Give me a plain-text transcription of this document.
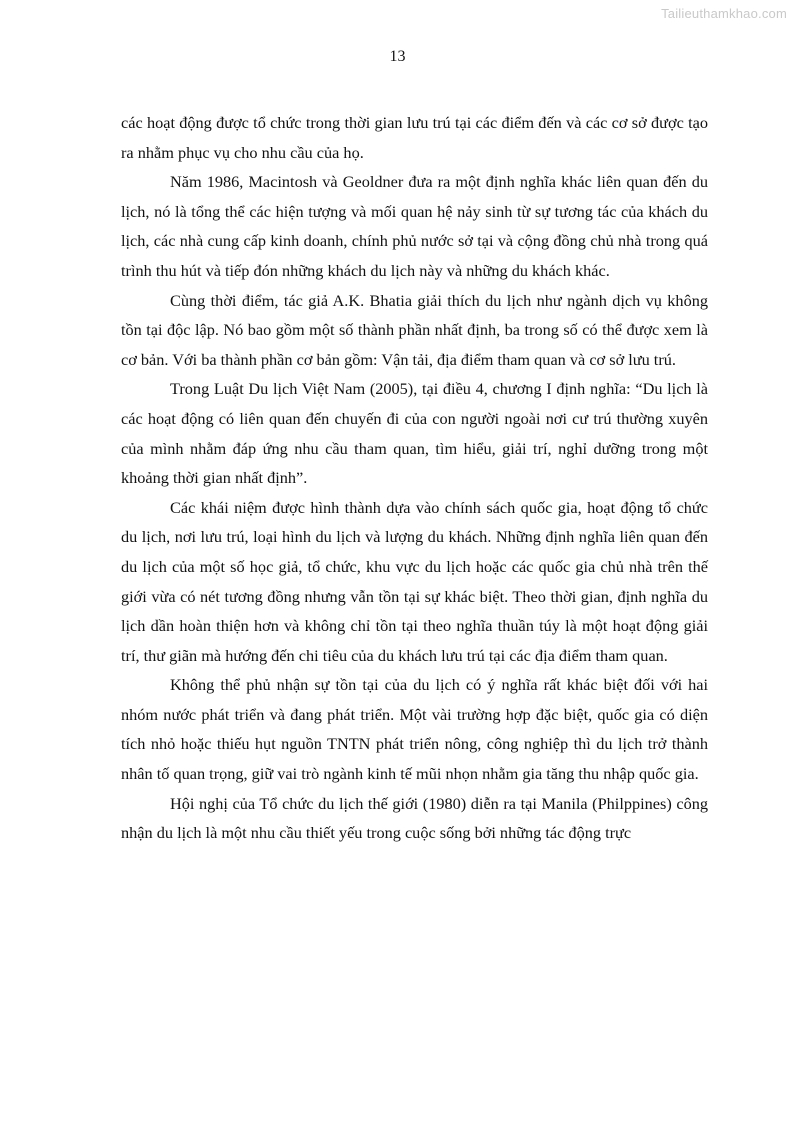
Tailieuthamkhao.com
13

các hoạt động được tổ chức trong thời gian lưu trú tại các điểm đến và các cơ sở được tạo ra nhằm phục vụ cho nhu cầu của họ.

Năm 1986, Macintosh và Geoldner đưa ra một định nghĩa khác liên quan đến du lịch, nó là tổng thể các hiện tượng và mối quan hệ nảy sinh từ sự tương tác của khách du lịch, các nhà cung cấp kinh doanh, chính phủ nước sở tại và cộng đồng chủ nhà trong quá trình thu hút và tiếp đón những khách du lịch này và những du khách khác.

Cùng thời điểm, tác giả A.K. Bhatia giải thích du lịch như ngành dịch vụ không tồn tại độc lập. Nó bao gồm một số thành phần nhất định, ba trong số có thể được xem là cơ bản. Với ba thành phần cơ bản gồm: Vận tải, địa điểm tham quan và cơ sở lưu trú.

Trong Luật Du lịch Việt Nam (2005), tại điều 4, chương I định nghĩa: “Du lịch là các hoạt động có liên quan đến chuyến đi của con người ngoài nơi cư trú thường xuyên của mình nhằm đáp ứng nhu cầu tham quan, tìm hiểu, giải trí, nghỉ dưỡng trong một khoảng thời gian nhất định”.

Các khái niệm được hình thành dựa vào chính sách quốc gia, hoạt động tổ chức du lịch, nơi lưu trú, loại hình du lịch và lượng du khách. Những định nghĩa liên quan đến du lịch của một số học giả, tổ chức, khu vực du lịch hoặc các quốc gia chủ nhà trên thế giới vừa có nét tương đồng nhưng vẫn tồn tại sự khác biệt. Theo thời gian, định nghĩa du lịch dần hoàn thiện hơn và không chỉ tồn tại theo nghĩa thuần túy là một hoạt động giải trí, thư giãn mà hướng đến chi tiêu của du khách lưu trú tại các địa điểm tham quan.

Không thể phủ nhận sự tồn tại của du lịch có ý nghĩa rất khác biệt đối với hai nhóm nước phát triển và đang phát triển. Một vài trường hợp đặc biệt, quốc gia có diện tích nhỏ hoặc thiếu hụt nguồn TNTN phát triển nông, công nghiệp thì du lịch trở thành nhân tố quan trọng, giữ vai trò ngành kinh tế mũi nhọn nhằm gia tăng thu nhập quốc gia.

Hội nghị của Tổ chức du lịch thế giới (1980) diễn ra tại Manila (Philppines) công nhận du lịch là một nhu cầu thiết yếu trong cuộc sống bởi những tác động trực
